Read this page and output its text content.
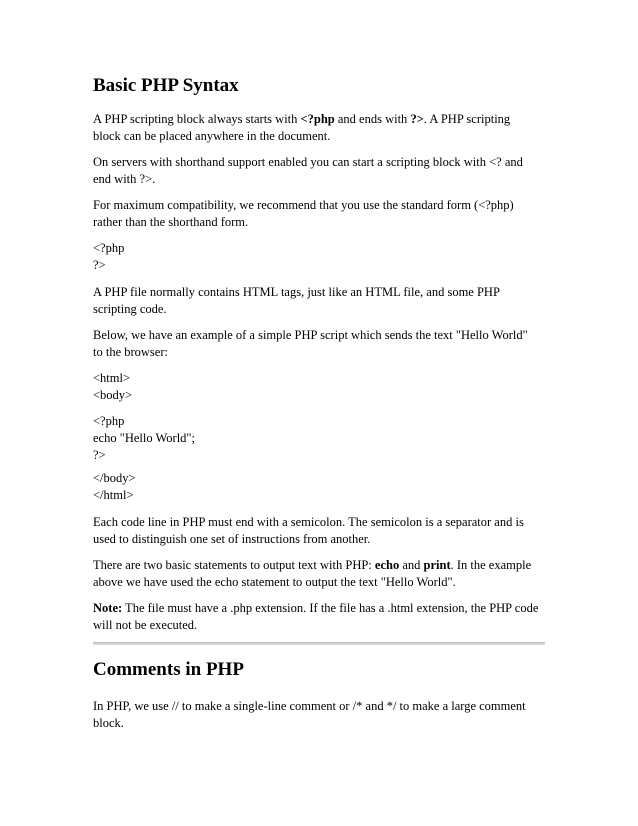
Basic PHP Syntax
A PHP scripting block always starts with <?php and ends with ?>. A PHP scripting
block can be placed anywhere in the document.
On servers with shorthand support enabled you can start a scripting block with <? and
end with ?>.
For maximum compatibility, we recommend that you use the standard form (<?php)
rather than the shorthand form.
<?php
?>
A PHP file normally contains HTML tags, just like an HTML file, and some PHP
scripting code.
Below, we have an example of a simple PHP script which sends the text "Hello World"
to the browser:
<html>
<body>
<?php
echo "Hello World";
?>
</body>
</html>
Each code line in PHP must end with a semicolon. The semicolon is a separator and is
used to distinguish one set of instructions from another.
There are two basic statements to output text with PHP: echo and print. In the example
above we have used the echo statement to output the text "Hello World".
Note: The file must have a .php extension. If the file has a .html extension, the PHP code
will not be executed.
Comments in PHP
In PHP, we use // to make a single-line comment or /* and */ to make a large comment
block.
